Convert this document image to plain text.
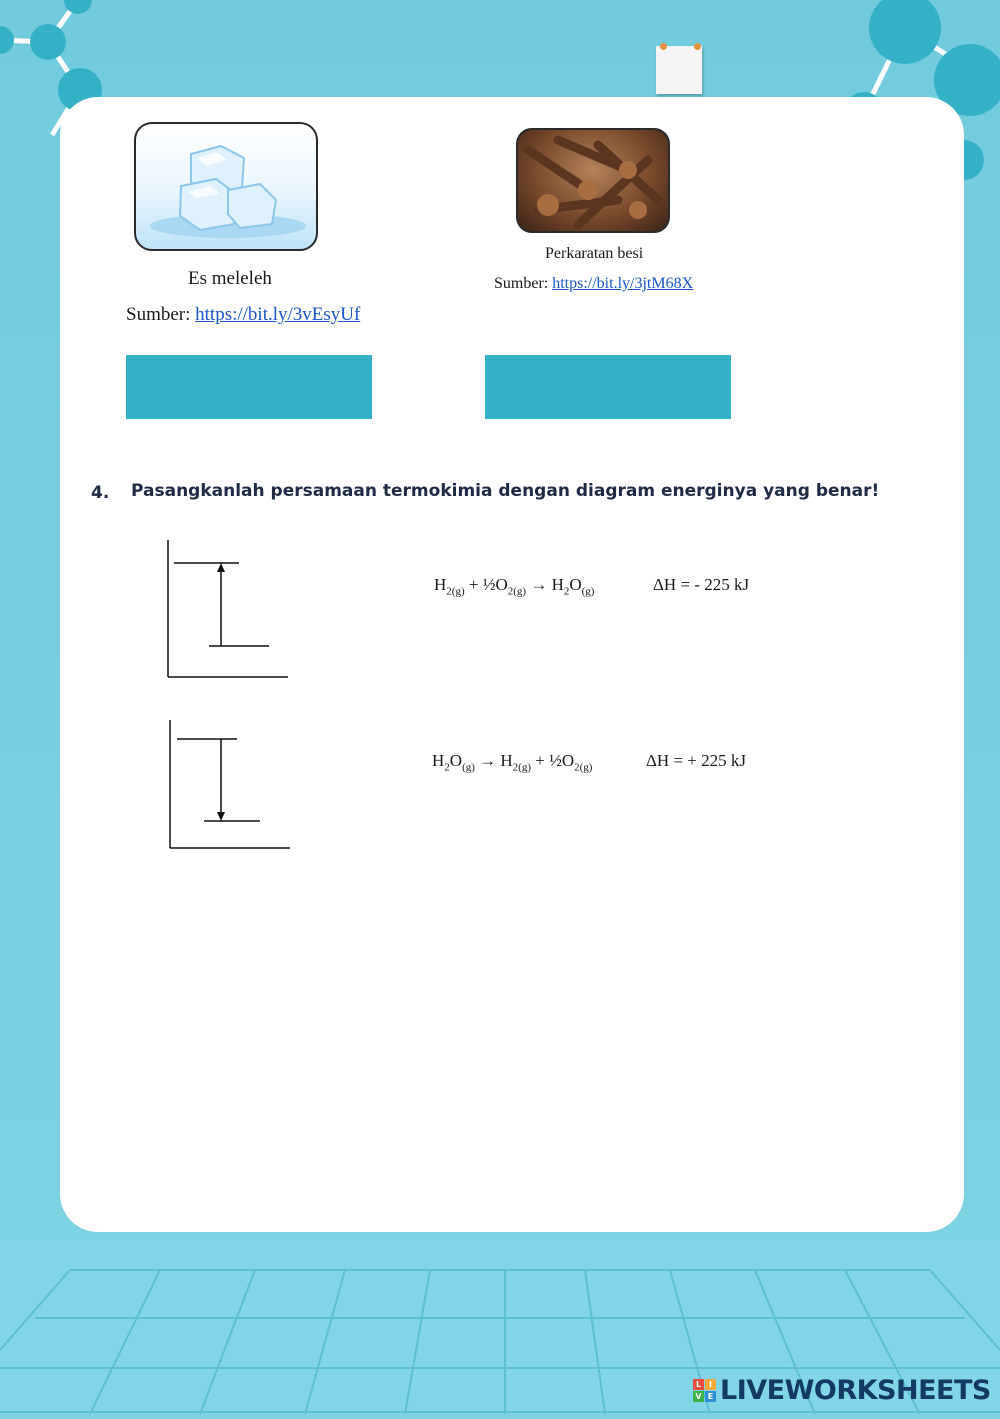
Es meleleh
Sumber: https://bit.ly/3vEsyUf
Perkaratan besi
Sumber: https://bit.ly/3jtM68X
4. Pasangkanlah persamaan termokimia dengan diagram energinya yang benar!
$H_{2(g)}$ + $\frac{1}{2}O_{2(g)} \to H_2O_{(g)}$	ΔH = - 225 kJ
$H_2O_{(g)} \to H_{2(g)}$ + $\frac{1}{2}O_{2(g)}$	ΔH = + 225 kJ
L I
V E LIVEWORKSHEETS
